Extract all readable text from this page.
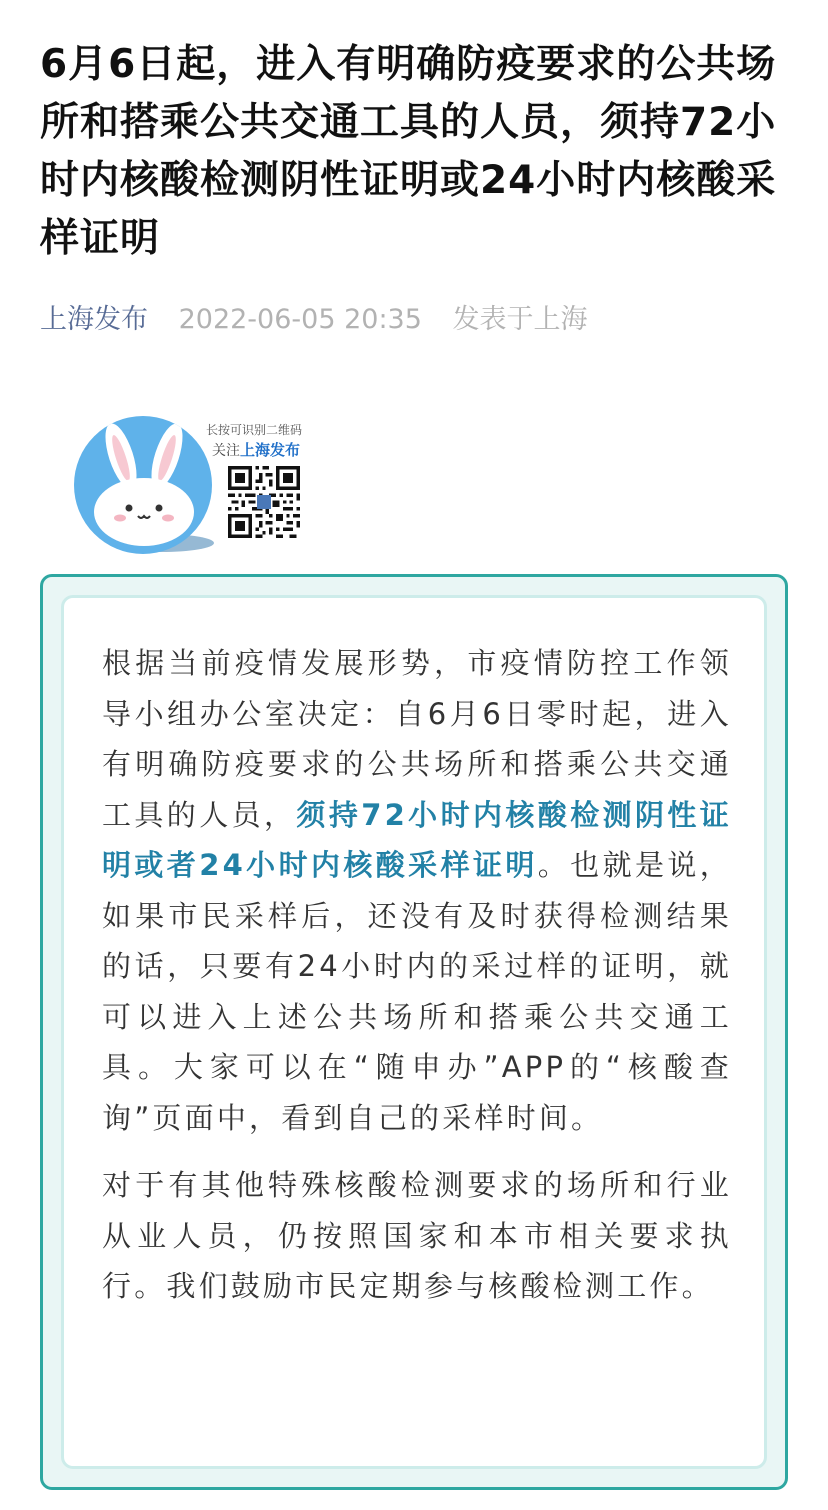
6月6日起，进入有明确防疫要求的公共场所和搭乘公共交通工具的人员，须持72小时内核酸检测阴性证明或24小时内核酸采样证明
上海发布 2022-06-05 20:35 发表于上海
长按可识别二维码
关注上海发布

根据当前疫情发展形势，市疫情防控工作领导小组办公室决定：自6月6日零时起，进入有明确防疫要求的公共场所和搭乘公共交通工具的人员，须持72小时内核酸检测阴性证明或者24小时内核酸采样证明。也就是说，如果市民采样后，还没有及时获得检测结果的话，只要有24小时内的采过样的证明，就可以进入上述公共场所和搭乘公共交通工具。大家可以在“随申办”APP的“核酸查询”页面中，看到自己的采样时间。

对于有其他特殊核酸检测要求的场所和行业从业人员，仍按照国家和本市相关要求执行。我们鼓励市民定期参与核酸检测工作。
